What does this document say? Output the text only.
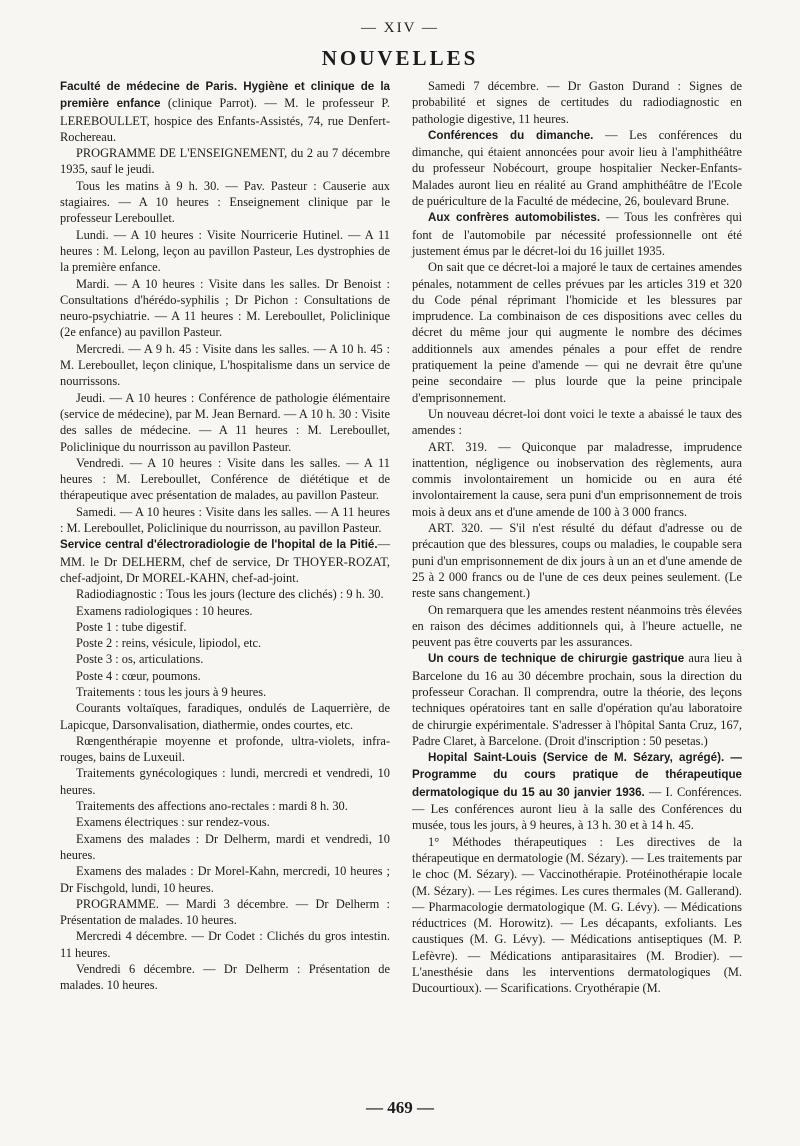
— XIV —
NOUVELLES

Faculté de médecine de Paris. Hygiène et clinique de la première enfance (clinique Parrot). — M. le professeur P. LEREBOULLET, hospice des Enfants-Assistés, 74, rue Denfert-Rochereau.

PROGRAMME DE L'ENSEIGNEMENT, du 2 au 7 décembre 1935, sauf le jeudi.

Tous les matins à 9 h. 30. — Pav. Pasteur : Causerie aux stagiaires. — A 10 heures : Enseignement clinique par le professeur Lereboullet.

Lundi. — A 10 heures : Visite Nourricerie Hutinel. — A 11 heures : M. Lelong, leçon au pavillon Pasteur, Les dystrophies de la première enfance.

Mardi. — A 10 heures : Visite dans les salles. Dr Benoist : Consultations d'hérédo-syphilis ; Dr Pichon : Consultations de neuro-psychiatrie. — A 11 heures : M. Lereboullet, Policlinique (2e enfance) au pavillon Pasteur.

Mercredi. — A 9 h. 45 : Visite dans les salles. — A 10 h. 45 : M. Lereboullet, leçon clinique, L'hospitalisme dans un service de nourrissons.

Jeudi. — A 10 heures : Conférence de pathologie élémentaire (service de médecine), par M. Jean Bernard. — A 10 h. 30 : Visite des salles de médecine. — A 11 heures : M. Lereboullet, Policlinique du nourrisson au pavillon Pasteur.

Vendredi. — A 10 heures : Visite dans les salles. — A 11 heures : M. Lereboullet, Conférence de diététique et de thérapeutique avec présentation de malades, au pavillon Pasteur.

Samedi. — A 10 heures : Visite dans les salles. — A 11 heures : M. Lereboullet, Policlinique du nourrisson, au pavillon Pasteur.

Service central d'électroradiologie de l'hopital de la Pitié.—MM. le Dr DELHERM, chef de service, Dr THOYER-ROZAT, chef-adjoint, Dr MOREL-KAHN, chef-ad-joint.

Radiodiagnostic : Tous les jours (lecture des clichés) : 9 h. 30.

Examens radiologiques : 10 heures.

Poste 1 : tube digestif.

Poste 2 : reins, vésicule, lipiodol, etc.

Poste 3 : os, articulations.

Poste 4 : cœur, poumons.

Traitements : tous les jours à 9 heures.

Courants voltaïques, faradiques, ondulés de Laquerrière, de Lapicque, Darsonvalisation, diathermie, ondes courtes, etc.

Rœngenthérapie moyenne et profonde, ultra-violets, infra-rouges, bains de Luxeuil.

Traitements gynécologiques : lundi, mercredi et vendredi, 10 heures.

Traitements des affections ano-rectales : mardi 8 h. 30.

Examens électriques : sur rendez-vous.

Examens des malades : Dr Delherm, mardi et vendredi, 10 heures.

Examens des malades : Dr Morel-Kahn, mercredi, 10 heures ; Dr Fischgold, lundi, 10 heures.

PROGRAMME. — Mardi 3 décembre. — Dr Delherm : Présentation de malades. 10 heures.

Mercredi 4 décembre. — Dr Codet : Clichés du gros intestin. 11 heures.

Vendredi 6 décembre. — Dr Delherm : Présentation de malades. 10 heures.

Samedi 7 décembre. — Dr Gaston Durand : Signes de probabilité et signes de certitudes du radiodiagnostic en pathologie digestive, 11 heures.

Conférences du dimanche. — Les conférences du dimanche, qui étaient annoncées pour avoir lieu à l'amphithéâtre du professeur Nobécourt, groupe hospitalier Necker-Enfants-Malades auront lieu en réalité au Grand amphithéâtre de l'Ecole de puériculture de la Faculté de médecine, 26, boulevard Brune.

Aux confrères automobilistes. — Tous les confrères qui font de l'automobile par nécessité professionnelle ont été justement émus par le décret-loi du 16 juillet 1935.

On sait que ce décret-loi a majoré le taux de certaines amendes pénales, notamment de celles prévues par les articles 319 et 320 du Code pénal réprimant l'homicide et les blessures par imprudence. La combinaison de ces dispositions avec celles du décret du même jour qui augmente le nombre des décimes additionnels aux amendes pénales a pour effet de rendre pratiquement la peine d'amende — qui ne devrait être qu'une peine secondaire — plus lourde que la peine principale d'emprisonnement.

Un nouveau décret-loi dont voici le texte a abaissé le taux des amendes :

ART. 319. — Quiconque par maladresse, imprudence inattention, négligence ou inobservation des règlements, aura commis involontairement un homicide ou en aura été involontairement la cause, sera puni d'un emprisonnement de trois mois à deux ans et d'une amende de 100 à 3 000 francs.

ART. 320. — S'il n'est résulté du défaut d'adresse ou de précaution que des blessures, coups ou maladies, le coupable sera puni d'un emprisonnement de dix jours à un an et d'une amende de 25 à 2 000 francs ou de l'une de ces deux peines seulement. (Le reste sans changement.)

On remarquera que les amendes restent néanmoins très élevées en raison des décimes additionnels qui, à l'heure actuelle, ne peuvent pas être couverts par les assurances.

Un cours de technique de chirurgie gastrique aura lieu à Barcelone du 16 au 30 décembre prochain, sous la direction du professeur Corachan. Il comprendra, outre la théorie, des leçons techniques opératoires tant en salle d'opération qu'au laboratoire de chirurgie expérimentale. S'adresser à l'hôpital Santa Cruz, 167, Padre Claret, à Barcelone. (Droit d'inscription : 50 pesetas.)

Hopital Saint-Louis (Service de M. Sézary, agrégé). — Programme du cours pratique de thérapeutique dermatologique du 15 au 30 janvier 1936. — I. Conférences. — Les conférences auront lieu à la salle des Conférences du musée, tous les jours, à 9 heures, à 13 h. 30 et à 14 h. 45.

1° Méthodes thérapeutiques : Les directives de la thérapeutique en dermatologie (M. Sézary). — Les traitements par le choc (M. Sézary). — Vaccinothérapie. Protéinothérapie locale (M. Sézary). — Les régimes. Les cures thermales (M. Gallerand). — Pharmacologie dermatologique (M. G. Lévy). — Médications réductrices (M. Horowitz). — Les décapants, exfoliants. Les caustiques (M. G. Lévy). — Médications antiseptiques (M. P. Lefèvre). — Médications antiparasitaires (M. Brodier). — L'anesthésie dans les interventions dermatologiques (M. Ducourtioux). — Scarifications. Cryothérapie (M.

— 469 —
